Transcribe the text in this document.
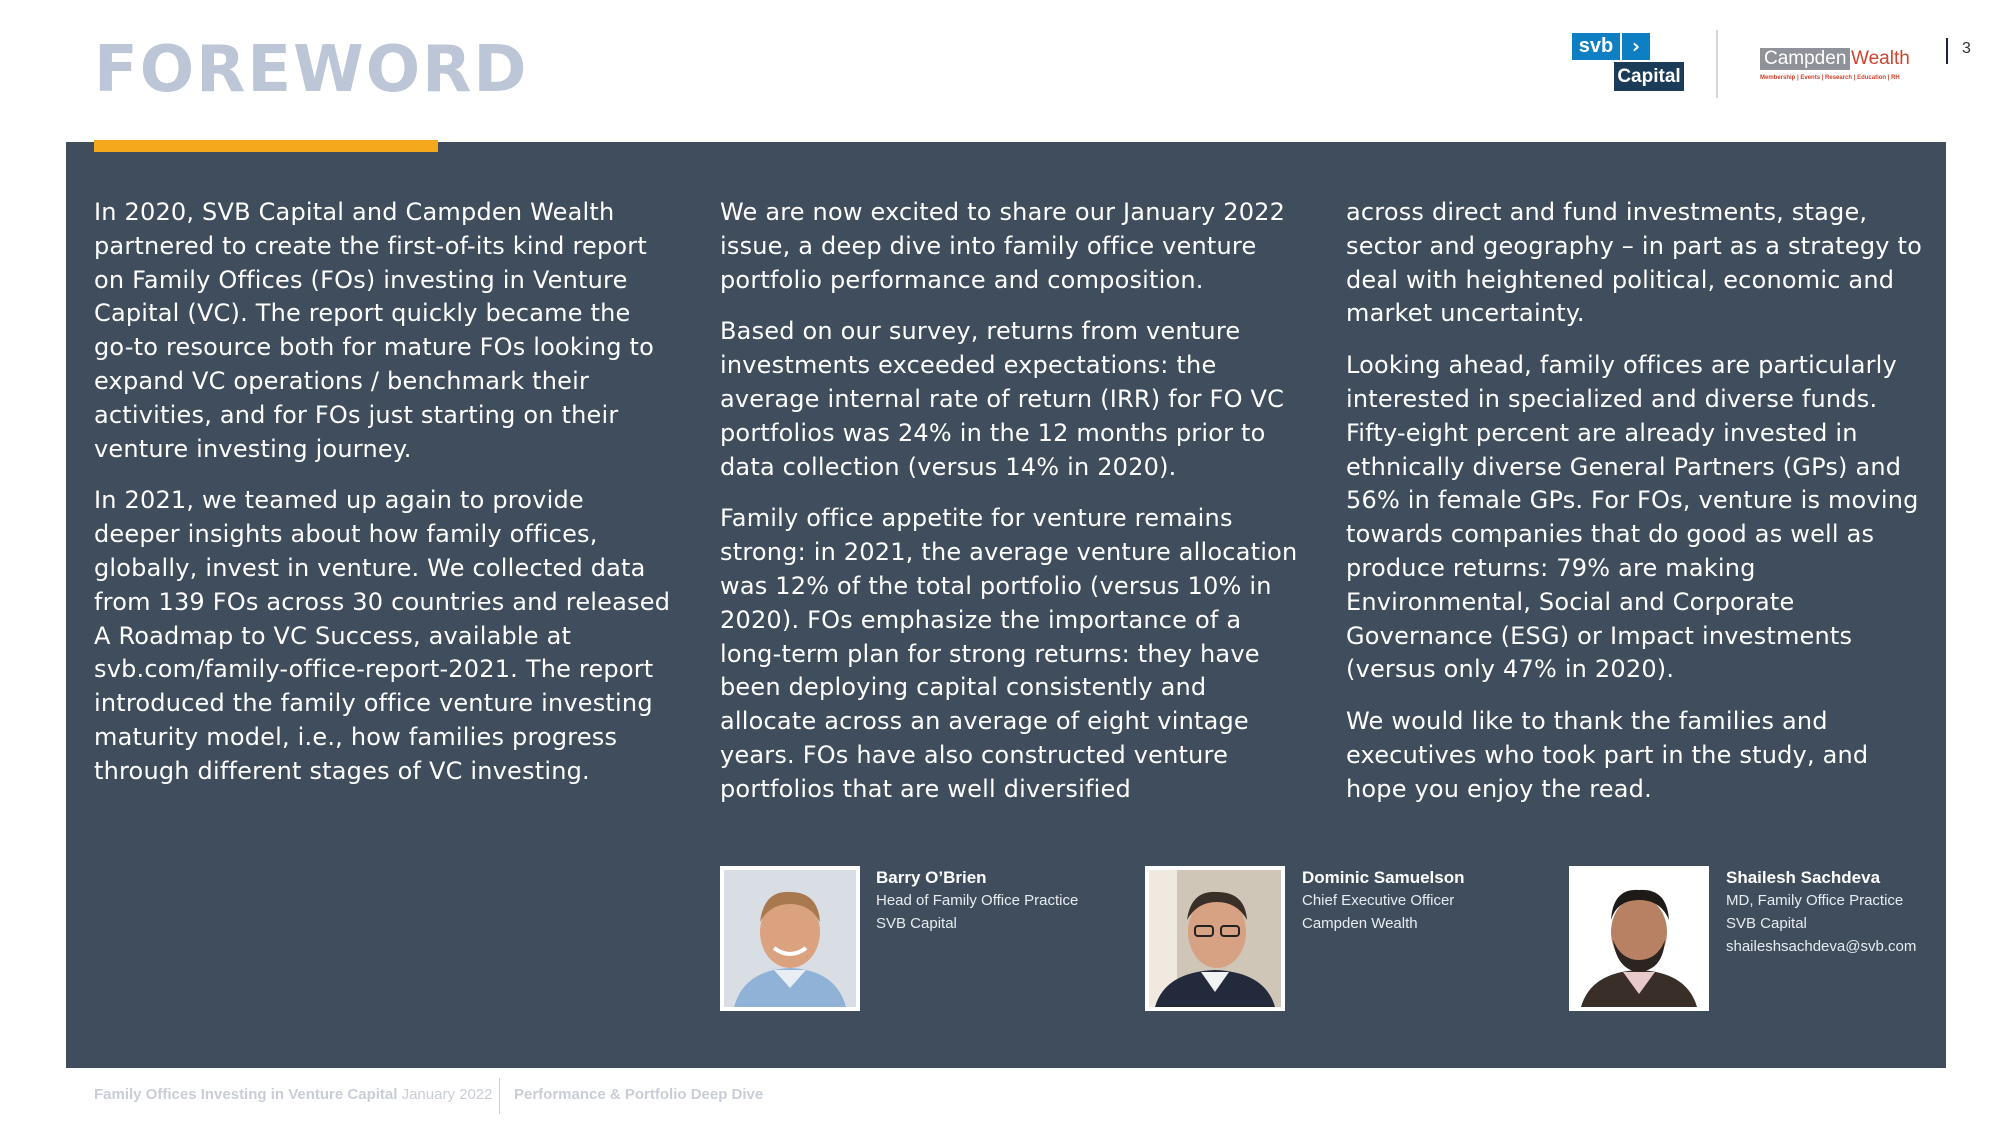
FOREWORD	svb ›
Capital
Campden Wealth
Membership | Events | Research | Education | RH
3

In 2020, SVB Capital and Campden Wealth partnered to create the first-of-its kind report on Family Offices (FOs) investing in Venture Capital (VC). The report quickly became the go-to resource both for mature FOs looking to expand VC operations / benchmark their activities, and for FOs just starting on their venture investing journey.

In 2021, we teamed up again to provide deeper insights about how family offices, globally, invest in venture. We collected data from 139 FOs across 30 countries and released A Roadmap to VC Success, available at svb.com/family-office-report-2021. The report introduced the family office venture investing maturity model, i.e., how families progress through different stages of VC investing.

We are now excited to share our January 2022 issue, a deep dive into family office venture portfolio performance and composition.

Based on our survey, returns from venture investments exceeded expectations: the average internal rate of return (IRR) for FO VC portfolios was 24% in the 12 months prior to data collection (versus 14% in 2020).

Family office appetite for venture remains strong: in 2021, the average venture allocation was 12% of the total portfolio (versus 10% in 2020). FOs emphasize the importance of a long-term plan for strong returns: they have been deploying capital consistently and allocate across an average of eight vintage years. FOs have also constructed venture portfolios that are well diversified

across direct and fund investments, stage, sector and geography – in part as a strategy to deal with heightened political, economic and market uncertainty.

Looking ahead, family offices are particularly interested in specialized and diverse funds. Fifty-eight percent are already invested in ethnically diverse General Partners (GPs) and 56% in female GPs. For FOs, venture is moving towards companies that do good as well as produce returns: 79% are making Environmental, Social and Corporate Governance (ESG) or Impact investments (versus only 47% in 2020).

We would like to thank the families and executives who took part in the study, and hope you enjoy the read.

Barry O’Brien
Head of Family Office Practice
SVB Capital
Dominic Samuelson
Chief Executive Officer
Campden Wealth
Shailesh Sachdeva
MD, Family Office Practice
SVB Capital
shaileshsachdeva@svb.com
Family Offices Investing in Venture Capital January 2022 Performance & Portfolio Deep Dive
